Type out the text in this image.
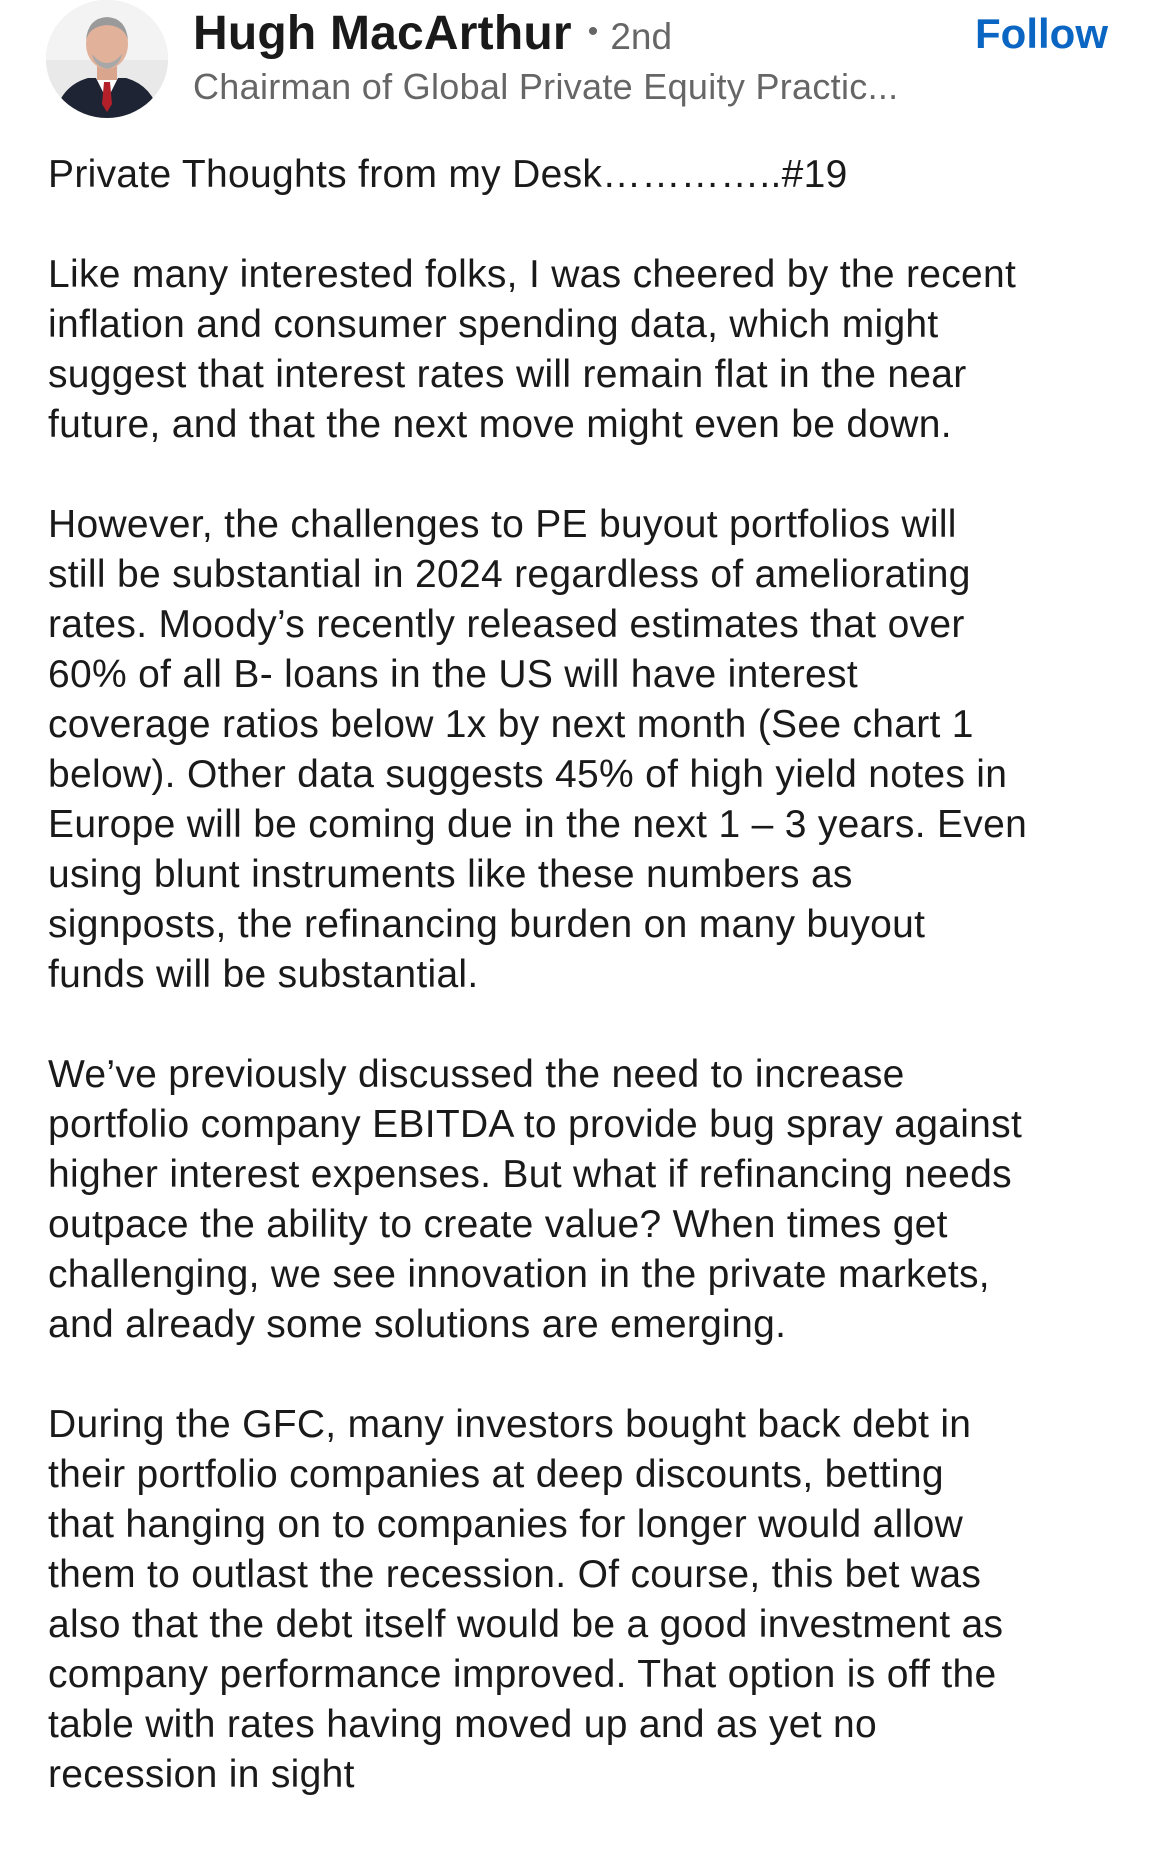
Hugh MacArthur • 2nd
Chairman of Global Private Equity Practic...
Follow

Private Thoughts from my Desk…………..#19

Like many interested folks, I was cheered by the recent
inflation and consumer spending data, which might
suggest that interest rates will remain flat in the near
future, and that the next move might even be down.

However, the challenges to PE buyout portfolios will
still be substantial in 2024 regardless of ameliorating
rates. Moody’s recently released estimates that over
60% of all B- loans in the US will have interest
coverage ratios below 1x by next month (See chart 1
below). Other data suggests 45% of high yield notes in
Europe will be coming due in the next 1 – 3 years. Even
using blunt instruments like these numbers as
signposts, the refinancing burden on many buyout
funds will be substantial.

We’ve previously discussed the need to increase
portfolio company EBITDA to provide bug spray against
higher interest expenses. But what if refinancing needs
outpace the ability to create value? When times get
challenging, we see innovation in the private markets,
and already some solutions are emerging.

During the GFC, many investors bought back debt in
their portfolio companies at deep discounts, betting
that hanging on to companies for longer would allow
them to outlast the recession. Of course, this bet was
also that the debt itself would be a good investment as
company performance improved. That option is off the
table with rates having moved up and as yet no
recession in sight
